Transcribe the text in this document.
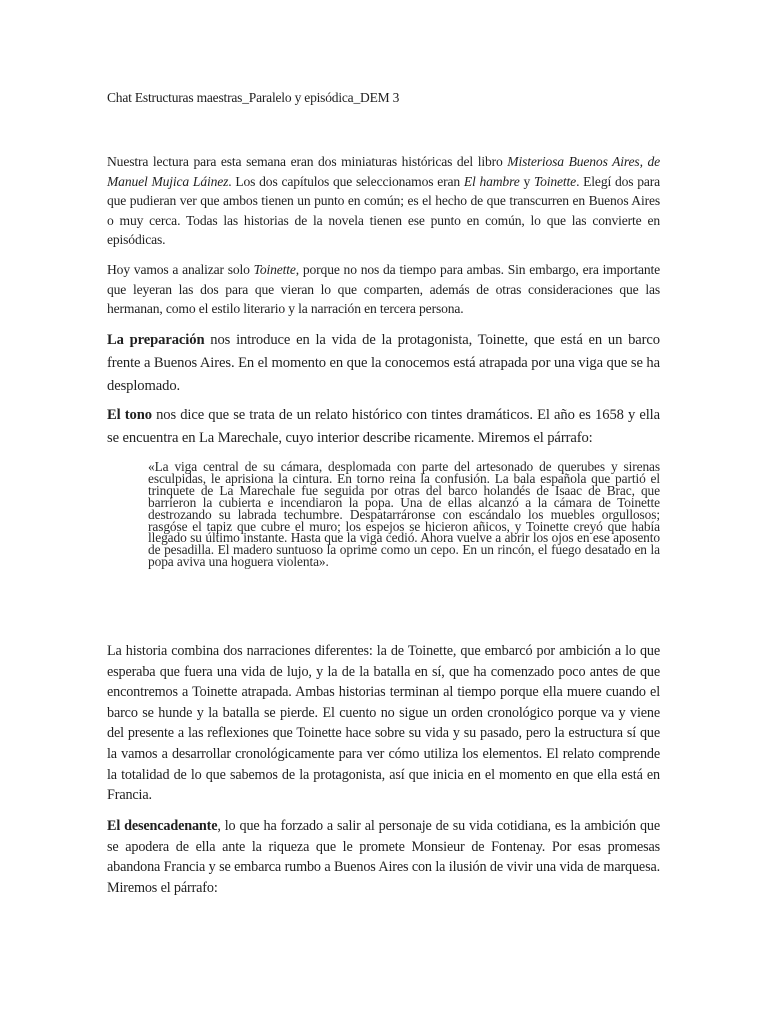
Chat Estructuras maestras_Paralelo y episódica_DEM 3

Nuestra lectura para esta semana eran dos miniaturas históricas del libro Misteriosa Buenos Aires, de Manuel Mujica Láinez. Los dos capítulos que seleccionamos eran El hambre y Toinette. Elegí dos para que pudieran ver que ambos tienen un punto en común; es el hecho de que transcurren en Buenos Aires o muy cerca. Todas las historias de la novela tienen ese punto en común, lo que las convierte en episódicas.

Hoy vamos a analizar solo Toinette, porque no nos da tiempo para ambas. Sin embargo, era importante que leyeran las dos para que vieran lo que comparten, además de otras consideraciones que las hermanan, como el estilo literario y la narración en tercera persona.

La preparación nos introduce en la vida de la protagonista, Toinette, que está en un barco frente a Buenos Aires. En el momento en que la conocemos está atrapada por una viga que se ha desplomado.

El tono nos dice que se trata de un relato histórico con tintes dramáticos. El año es 1658 y ella se encuentra en La Marechale, cuyo interior describe ricamente. Miremos el párrafo:

«La viga central de su cámara, desplomada con parte del artesonado de querubes y sirenas esculpidas, le aprisiona la cintura. En torno reina la confusión. La bala española que partió el trinquete de La Marechale fue seguida por otras del barco holandés de Isaac de Brac, que barrieron la cubierta e incendiaron la popa. Una de ellas alcanzó a la cámara de Toinette destrozando su labrada techumbre. Despatarráronse con escándalo los muebles orgullosos; rasgóse el tapiz que cubre el muro; los espejos se hicieron añicos, y Toinette creyó que había llegado su último instante. Hasta que la viga cedió. Ahora vuelve a abrir los ojos en ese aposento de pesadilla. El madero suntuoso la oprime como un cepo. En un rincón, el fuego desatado en la popa aviva una hoguera violenta».

La historia combina dos narraciones diferentes: la de Toinette, que embarcó por ambición a lo que esperaba que fuera una vida de lujo, y la de la batalla en sí, que ha comenzado poco antes de que encontremos a Toinette atrapada. Ambas historias terminan al tiempo porque ella muere cuando el barco se hunde y la batalla se pierde. El cuento no sigue un orden cronológico porque va y viene del presente a las reflexiones que Toinette hace sobre su vida y su pasado, pero la estructura sí que la vamos a desarrollar cronológicamente para ver cómo utiliza los elementos. El relato comprende la totalidad de lo que sabemos de la protagonista, así que inicia en el momento en que ella está en Francia.

El desencadenante, lo que ha forzado a salir al personaje de su vida cotidiana, es la ambición que se apodera de ella ante la riqueza que le promete Monsieur de Fontenay. Por esas promesas abandona Francia y se embarca rumbo a Buenos Aires con la ilusión de vivir una vida de marquesa. Miremos el párrafo:
